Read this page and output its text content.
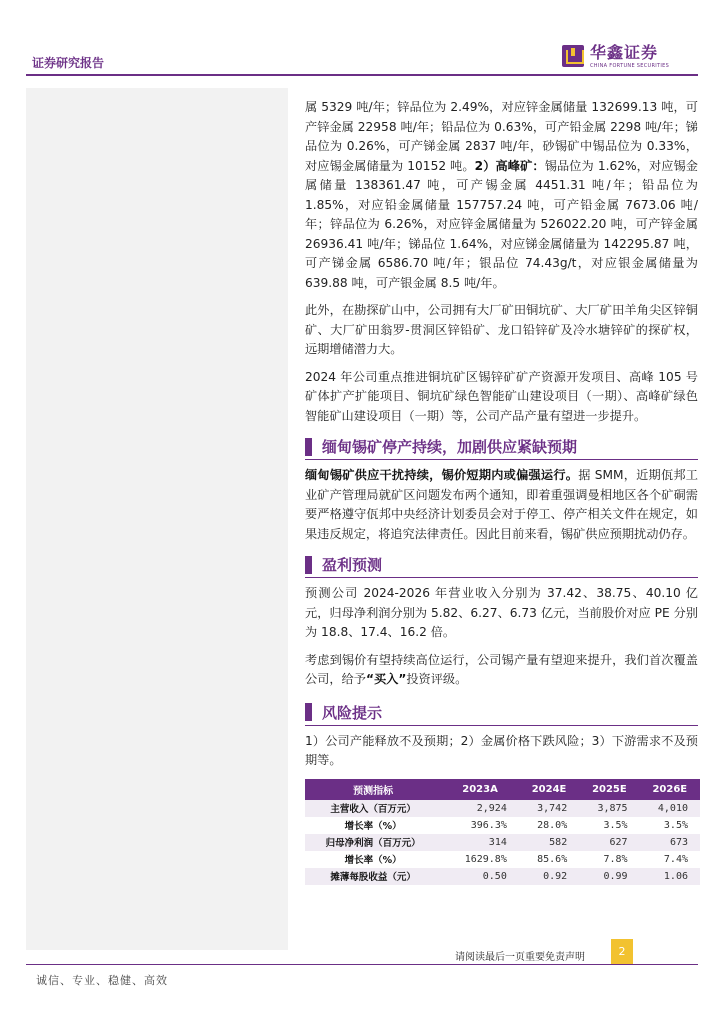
证券研究报告
华鑫证券
CHINA FORTUNE SECURITIES

属 5329 吨/年；锌品位为 2.49%，对应锌金属储量 132699.13 吨，可产锌金属 22958 吨/年；铅品位为 0.63%，可产铅金属 2298 吨/年；锑品位为 0.26%，可产锑金属 2837 吨/年，砂锡矿中锡品位为 0.33%，对应锡金属储量为 10152 吨。2）高峰矿：锡品位为 1.62%，对应锡金属储量 138361.47 吨，可产锡金属 4451.31 吨/年；铅品位为 1.85%，对应铅金属储量 157757.24 吨，可产铅金属 7673.06 吨/年；锌品位为 6.26%，对应锌金属储量为 526022.20 吨，可产锌金属 26936.41 吨/年；锑品位 1.64%，对应锑金属储量为 142295.87 吨，可产锑金属 6586.70 吨/年；银品位 74.43g/t，对应银金属储量为 639.88 吨，可产银金属 8.5 吨/年。

此外，在勘探矿山中，公司拥有大厂矿田铜坑矿、大厂矿田羊角尖区锌铜矿、大厂矿田翁罗-贯洞区锌铅矿、龙口铅锌矿及冷水塘锌矿的探矿权，远期增储潜力大。

2024 年公司重点推进铜坑矿区锡锌矿矿产资源开发项目、高峰 105 号矿体扩产扩能项目、铜坑矿绿色智能矿山建设项目（一期）、高峰矿绿色智能矿山建设项目（一期）等，公司产品产量有望进一步提升。

缅甸锡矿停产持续，加剧供应紧缺预期

缅甸锡矿供应干扰持续，锡价短期内或偏强运行。据 SMM，近期佤邦工业矿产管理局就矿区问题发布两个通知，即着重强调曼相地区各个矿硐需要严格遵守佤邦中央经济计划委员会对于停工、停产相关文件在规定，如果违反规定，将追究法律责任。因此目前来看，锡矿供应预期扰动仍存。

盈利预测

预测公司 2024-2026 年营业收入分别为 37.42、38.75、40.10 亿元，归母净利润分别为 5.82、6.27、6.73 亿元，当前股价对应 PE 分别为 18.8、17.4、16.2 倍。

考虑到锡价有望持续高位运行，公司锡产量有望迎来提升，我们首次覆盖公司，给予“买入”投资评级。

风险提示

1）公司产能释放不及预期；2）金属价格下跌风险；3）下游需求不及预期等。

预测指标	2023A	2024E	2025E	2026E
主营收入（百万元）	2,924	3,742	3,875	4,010
增长率（%）	396.3%	28.0%	3.5%	3.5%
归母净利润（百万元）	314	582	627	673
增长率（%）	1629.8%	85.6%	7.8%	7.4%
摊薄每股收益（元）	0.50	0.92	0.99	1.06
请阅读最后一页重要免责声明	2
诚信、专业、稳健、高效
